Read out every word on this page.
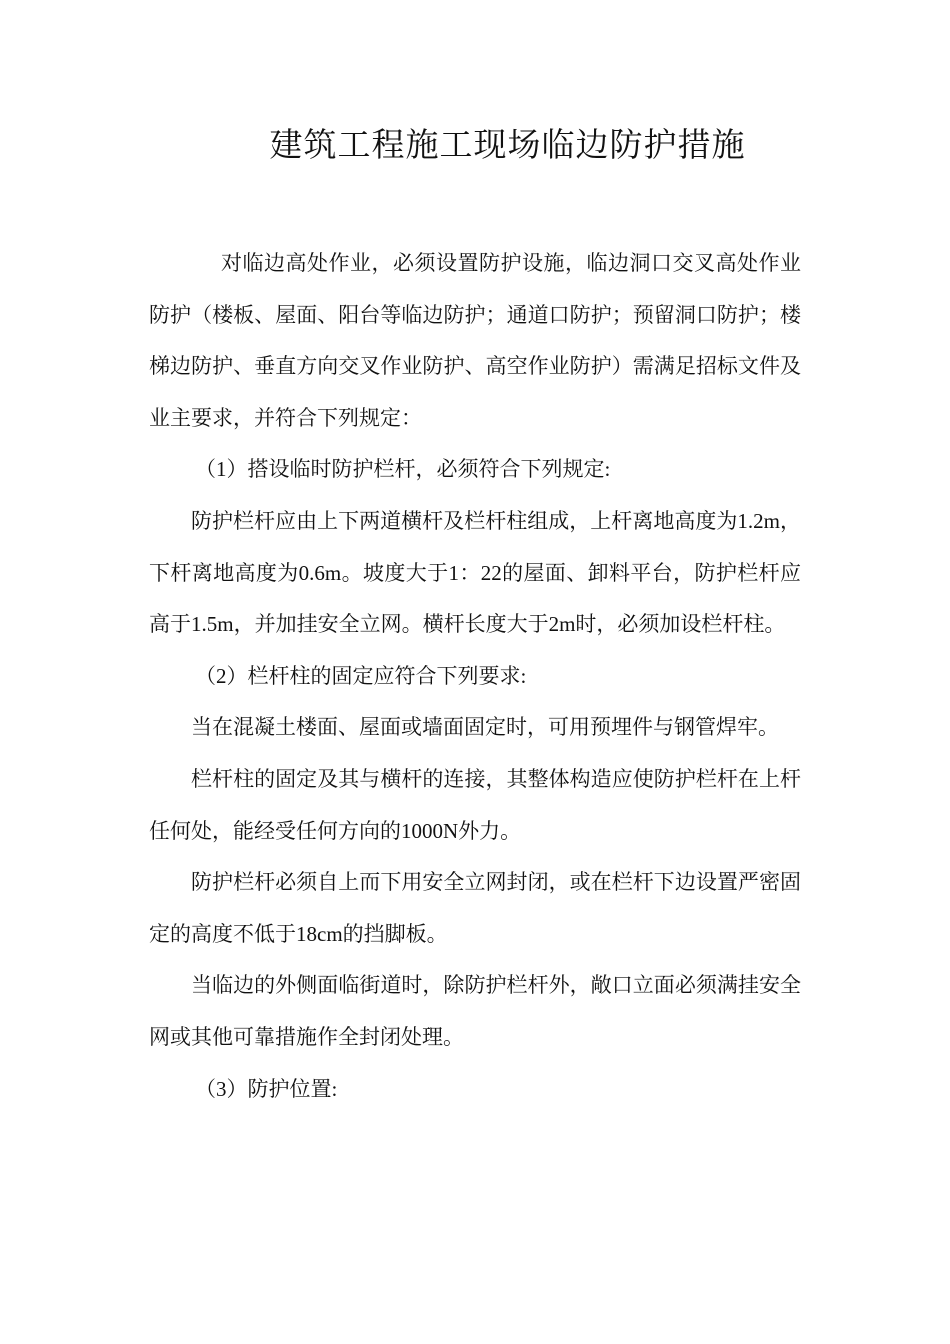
建筑工程施工现场临边防护措施

对临边高处作业，必须设置防护设施，临边洞口交叉高处作业防护（楼板、屋面、阳台等临边防护；通道口防护；预留洞口防护；楼梯边防护、垂直方向交叉作业防护、高空作业防护）需满足招标文件及业主要求，并符合下列规定：

（1）搭设临时防护栏杆，必须符合下列规定:

防护栏杆应由上下两道横杆及栏杆柱组成，上杆离地高度为1.2m，下杆离地高度为0.6m。坡度大于1：22的屋面、卸料平台，防护栏杆应高于1.5m，并加挂安全立网。横杆长度大于2m时，必须加设栏杆柱。

（2）栏杆柱的固定应符合下列要求:

当在混凝土楼面、屋面或墙面固定时，可用预埋件与钢管焊牢。

栏杆柱的固定及其与横杆的连接，其整体构造应使防护栏杆在上杆任何处，能经受任何方向的1000N外力。

防护栏杆必须自上而下用安全立网封闭，或在栏杆下边设置严密固定的高度不低于18cm的挡脚板。

当临边的外侧面临街道时，除防护栏杆外，敞口立面必须满挂安全网或其他可靠措施作全封闭处理。

（3）防护位置:
